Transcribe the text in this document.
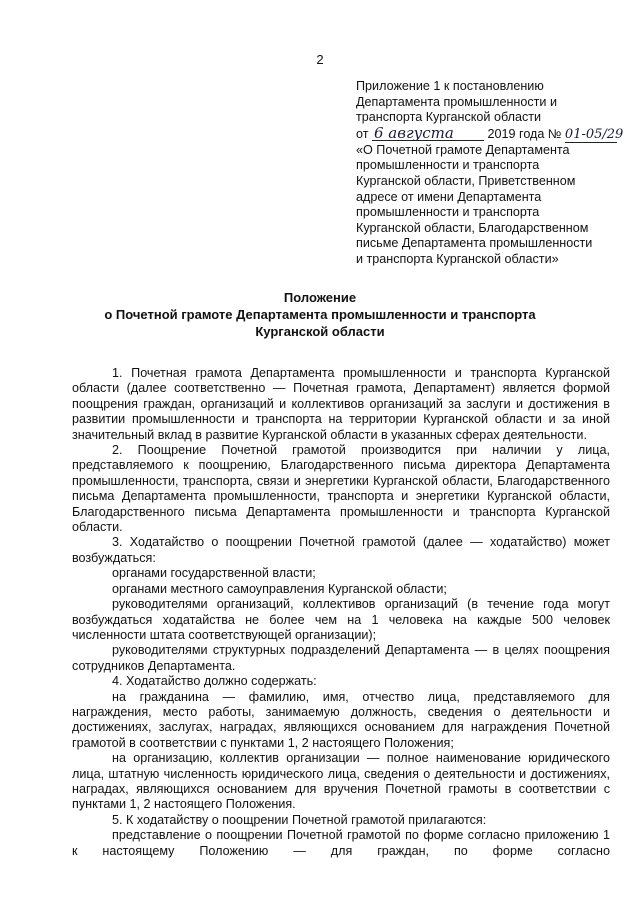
2
Приложение 1 к постановлению
Департамента промышленности и
транспорта Курганской области
от 6 августа	2019 года № 01-05/29
«О Почетной грамоте Департамента
промышленности и транспорта
Курганской области, Приветственном
адресе от имени Департамента
промышленности и транспорта
Курганской области, Благодарственном
письме Департамента промышленности
и транспорта Курганской области»
Положение
о Почетной грамоте Департамента промышленности и транспорта
Курганской области

1. Почетная грамота Департамента промышленности и транспорта Курганской области (далее соответственно — Почетная грамота, Департамент) является формой поощрения граждан, организаций и коллективов организаций за заслуги и достижения в развитии промышленности и транспорта на территории Курганской области и за иной значительный вклад в развитие Курганской области в указанных сферах деятельности.

2. Поощрение Почетной грамотой производится при наличии у лица, представляемого к поощрению, Благодарственного письма директора Департамента промышленности, транспорта, связи и энергетики Курганской области, Благодарственного письма Департамента промышленности, транспорта и энергетики Курганской области, Благодарственного письма Департамента промышленности и транспорта Курганской области.

3. Ходатайство о поощрении Почетной грамотой (далее — ходатайство) может возбуждаться:

органами государственной власти;

органами местного самоуправления Курганской области;

руководителями организаций, коллективов организаций (в течение года могут возбуждаться ходатайства не более чем на 1 человека на каждые 500 человек численности штата соответствующей организации);

руководителями структурных подразделений Департамента — в целях поощрения сотрудников Департамента.

4. Ходатайство должно содержать:

на гражданина — фамилию, имя, отчество лица, представляемого для награждения, место работы, занимаемую должность, сведения о деятельности и достижениях, заслугах, наградах, являющихся основанием для награждения Почетной грамотой в соответствии с пунктами 1, 2 настоящего Положения;

на организацию, коллектив организации — полное наименование юридического лица, штатную численность юридического лица, сведения о деятельности и достижениях, наградах, являющихся основанием для вручения Почетной грамоты в соответствии с пунктами 1, 2 настоящего Положения.

5. К ходатайству о поощрении Почетной грамотой прилагаются:

представление о поощрении Почетной грамотой по форме согласно приложению 1 к настоящему Положению — для граждан, по форме согласно
